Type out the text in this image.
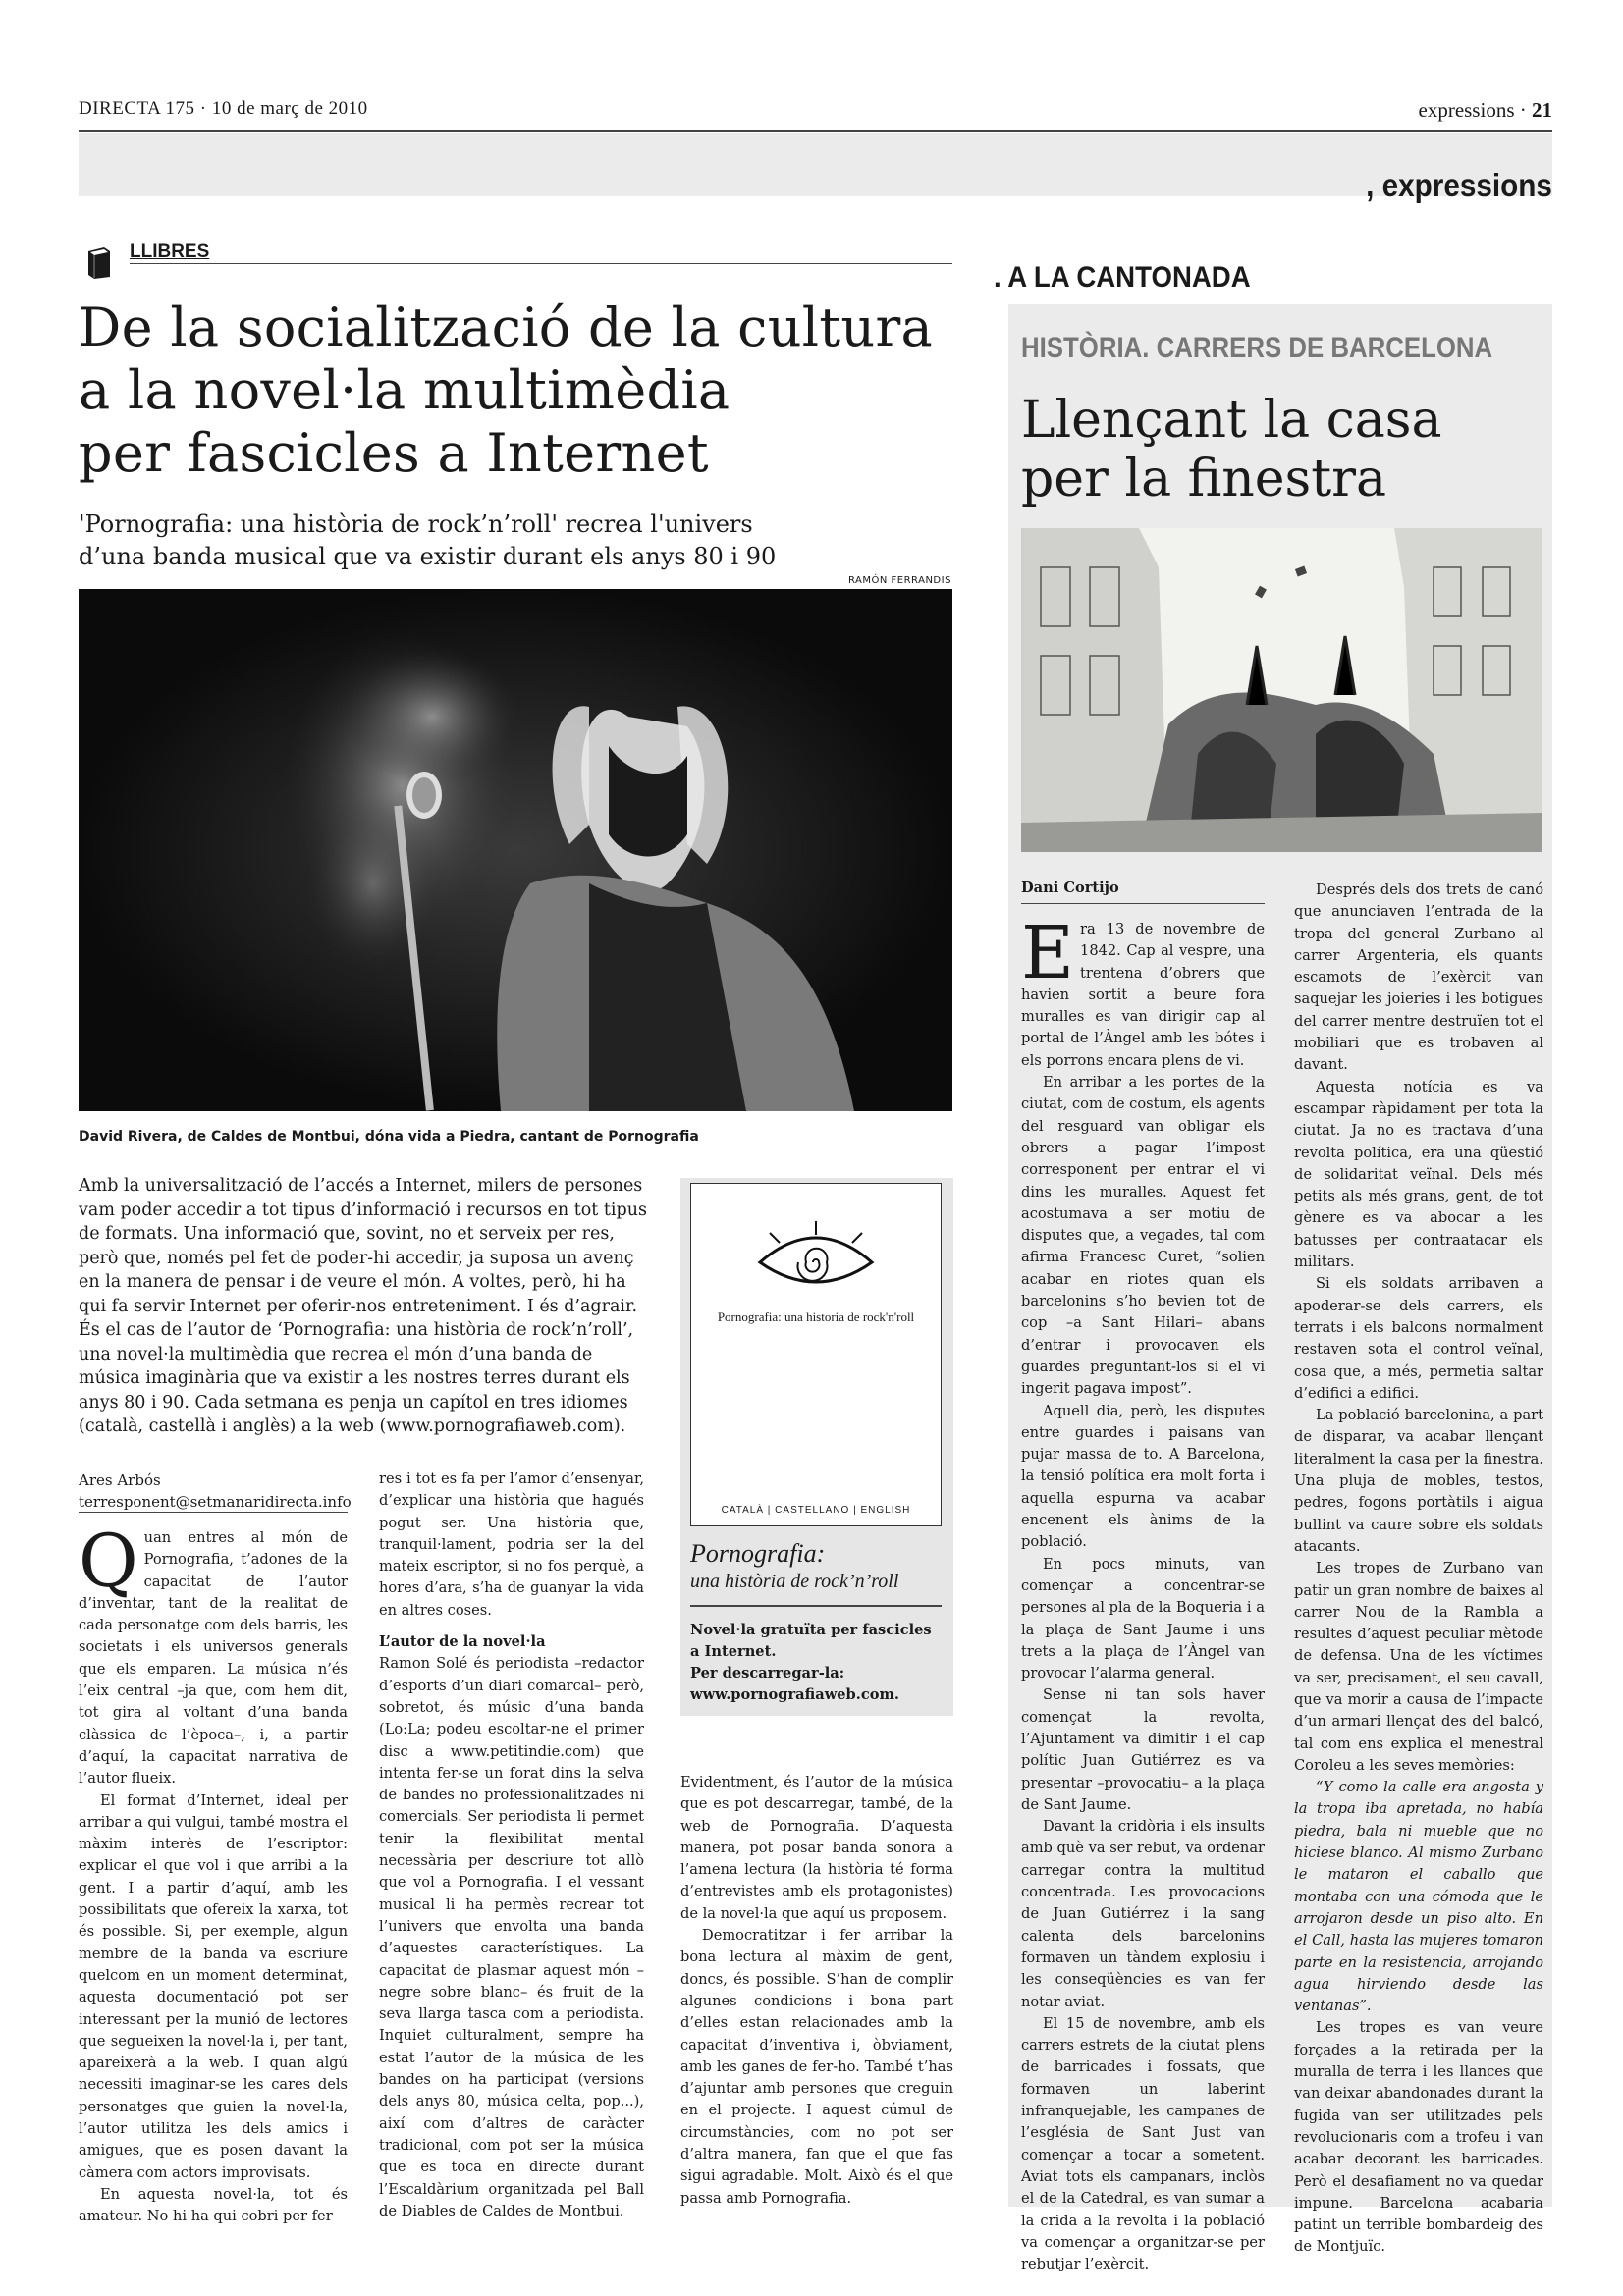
DIRECTA 175 · 10 de març de 2010	expressions · 21
, expressions
LLIBRES
De la socialització de la cultura
a la novel·la multimèdia
per fascicles a Internet
'Pornografia: una història de rock’n’roll' recrea l'univers
d’una banda musical que va existir durant els anys 80 i 90
RAMÓN FERRANDIS
David Rivera, de Caldes de Montbui, dóna vida a Piedra, cantant de Pornografia

Amb la universalització de l’accés a Internet, milers de persones vam poder accedir a tot tipus d’informació i recursos en tot tipus de formats. Una informació que, sovint, no et serveix per res, però que, només pel fet de poder-hi accedir, ja suposa un avenç en la manera de pensar i de veure el món. A voltes, però, hi ha qui fa servir Internet per oferir-nos entreteniment. I és d’agrair. És el cas de l’autor de ‘Pornografia: una història de rock’n’roll’, una novel·la multimèdia que recrea el món d’una banda de música imaginària que va existir a les nostres terres durant els anys 80 i 90. Cada setmana es penja un capítol en tres idiomes (català, castellà i anglès) a la web (www.pornografiaweb.com).

Ares Arbós
terresponent@setmanaridirecta.info

Quan entres al món de Pornografia, t’adones de la capacitat de l’autor d’inventar, tant de la realitat de cada personatge com dels barris, les societats i els universos generals que els emparen. La música n’és l’eix central –ja que, com hem dit, tot gira al voltant d’una banda clàssica de l’època–, i, a partir d’aquí, la capacitat narrativa de l’autor flueix.

El format d’Internet, ideal per arribar a qui vulgui, també mostra el màxim interès de l’escriptor: explicar el que vol i que arribi a la gent. I a partir d’aquí, amb les possibilitats que ofereix la xarxa, tot és possible. Si, per exemple, algun membre de la banda va escriure quelcom en un moment determinat, aquesta documentació pot ser interessant per la munió de lectores que segueixen la novel·la i, per tant, apareixerà a la web. I quan algú necessiti imaginar-se les cares dels personatges que guien la novel·la, l’autor utilitza les dels amics i amigues, que es posen davant la càmera com actors improvisats.

En aquesta novel·la, tot és amateur. No hi ha qui cobri per fer

res i tot es fa per l’amor d’ensenyar, d’explicar una història que hagués pogut ser. Una història que, tranquil·lament, podria ser la del mateix escriptor, si no fos perquè, a hores d’ara, s’ha de guanyar la vida en altres coses.

L’autor de la novel·la

Ramon Solé és periodista –redactor d’esports d’un diari comarcal– però, sobretot, és músic d’una banda (Lo:La; podeu escoltar-ne el primer disc a www.petitindie.com) que intenta fer-se un forat dins la selva de bandes no professionalitzades ni comercials. Ser periodista li permet tenir la flexibilitat mental necessària per descriure tot allò que vol a Pornografia. I el vessant musical li ha permès recrear tot l’univers que envolta una banda d’aquestes característiques. La capacitat de plasmar aquest món –negre sobre blanc– és fruit de la seva llarga tasca com a periodista. Inquiet culturalment, sempre ha estat l’autor de la música de les bandes on ha participat (versions dels anys 80, música celta, pop...), així com d’altres de caràcter tradicional, com pot ser la música que es toca en directe durant l’Escaldàrium organitzada pel Ball de Diables de Caldes de Montbui.

Pornografia: una historia de rock'n'roll
CATALÀ | CASTELLANO | ENGLISH
Pornografia:
una història de rock’n’roll
Novel·la gratuïta per fascicles a Internet.
Per descarregar-la:
www.pornografiaweb.com.

Evidentment, és l’autor de la música que es pot descarregar, també, de la web de Pornografia. D’aquesta manera, pot posar banda sonora a l’amena lectura (la història té forma d’entrevistes amb els protagonistes) de la novel·la que aquí us proposem.

Democratitzar i fer arribar la bona lectura al màxim de gent, doncs, és possible. S’han de complir algunes condicions i bona part d’elles estan relacionades amb la capacitat d’inventiva i, òbviament, amb les ganes de fer-ho. També t’has d’ajuntar amb persones que creguin en el projecte. I aquest cúmul de circumstàncies, com no pot ser d’altra manera, fan que el que fas sigui agradable. Molt. Això és el que passa amb Pornografia.

. A LA CANTONADA
HISTÒRIA. CARRERS DE BARCELONA
Llençant la casa
per la finestra
Dani Cortijo

Era 13 de novembre de 1842. Cap al vespre, una trentena d’obrers que havien sortit a beure fora muralles es van dirigir cap al portal de l’Àngel amb les bótes i els porrons encara plens de vi.

En arribar a les portes de la ciutat, com de costum, els agents del resguard van obligar els obrers a pagar l’impost corresponent per entrar el vi dins les muralles. Aquest fet acostumava a ser motiu de disputes que, a vegades, tal com afirma Francesc Curet, “solien acabar en riotes quan els barcelonins s’ho bevien tot de cop –a Sant Hilari– abans d’entrar i provocaven els guardes preguntant-los si el vi ingerit pagava impost”.

Aquell dia, però, les disputes entre guardes i paisans van pujar massa de to. A Barcelona, la tensió política era molt forta i aquella espurna va acabar encenent els ànims de la població.

En pocs minuts, van començar a concentrar-se persones al pla de la Boqueria i a la plaça de Sant Jaume i uns trets a la plaça de l’Àngel van provocar l’alarma general.

Sense ni tan sols haver començat la revolta, l’Ajuntament va dimitir i el cap polític Juan Gutiérrez es va presentar –provocatiu– a la plaça de Sant Jaume.

Davant la cridòria i els insults amb què va ser rebut, va ordenar carregar contra la multitud concentrada. Les provocacions de Juan Gutiérrez i la sang calenta dels barcelonins formaven un tàndem explosiu i les conseqüències es van fer notar aviat.

El 15 de novembre, amb els carrers estrets de la ciutat plens de barricades i fossats, que formaven un laberint infranquejable, les campanes de l’església de Sant Just van començar a tocar a sometent. Aviat tots els campanars, inclòs el de la Catedral, es van sumar a la crida a la revolta i la població va començar a organitzar-se per rebutjar l’exèrcit.

Després dels dos trets de canó que anunciaven l’entrada de la tropa del general Zurbano al carrer Argenteria, els quants escamots de l’exèrcit van saquejar les joieries i les botigues del carrer mentre destruïen tot el mobiliari que es trobaven al davant.

Aquesta notícia es va escampar ràpidament per tota la ciutat. Ja no es tractava d’una revolta política, era una qüestió de solidaritat veïnal. Dels més petits als més grans, gent, de tot gènere es va abocar a les batusses per contraatacar els militars.

Si els soldats arribaven a apoderar-se dels carrers, els terrats i els balcons normalment restaven sota el control veïnal, cosa que, a més, permetia saltar d’edifici a edifici.

La població barcelonina, a part de disparar, va acabar llençant literalment la casa per la finestra. Una pluja de mobles, testos, pedres, fogons portàtils i aigua bullint va caure sobre els soldats atacants.

Les tropes de Zurbano van patir un gran nombre de baixes al carrer Nou de la Rambla a resultes d’aquest peculiar mètode de defensa. Una de les víctimes va ser, precisament, el seu cavall, que va morir a causa de l’impacte d’un armari llençat des del balcó, tal com ens explica el menestral Coroleu a les seves memòries:

“Y como la calle era angosta y la tropa iba apretada, no había piedra, bala ni mueble que no hiciese blanco. Al mismo Zurbano le mataron el caballo que montaba con una cómoda que le arrojaron desde un piso alto. En el Call, hasta las mujeres tomaron parte en la resistencia, arrojando agua hirviendo desde las ventanas”.

Les tropes es van veure forçades a la retirada per la muralla de terra i les llances que van deixar abandonades durant la fugida van ser utilitzades pels revolucionaris com a trofeu i van acabar decorant les barricades. Però el desafiament no va quedar impune. Barcelona acabaria patint un terrible bombardeig des de Montjuïc.
